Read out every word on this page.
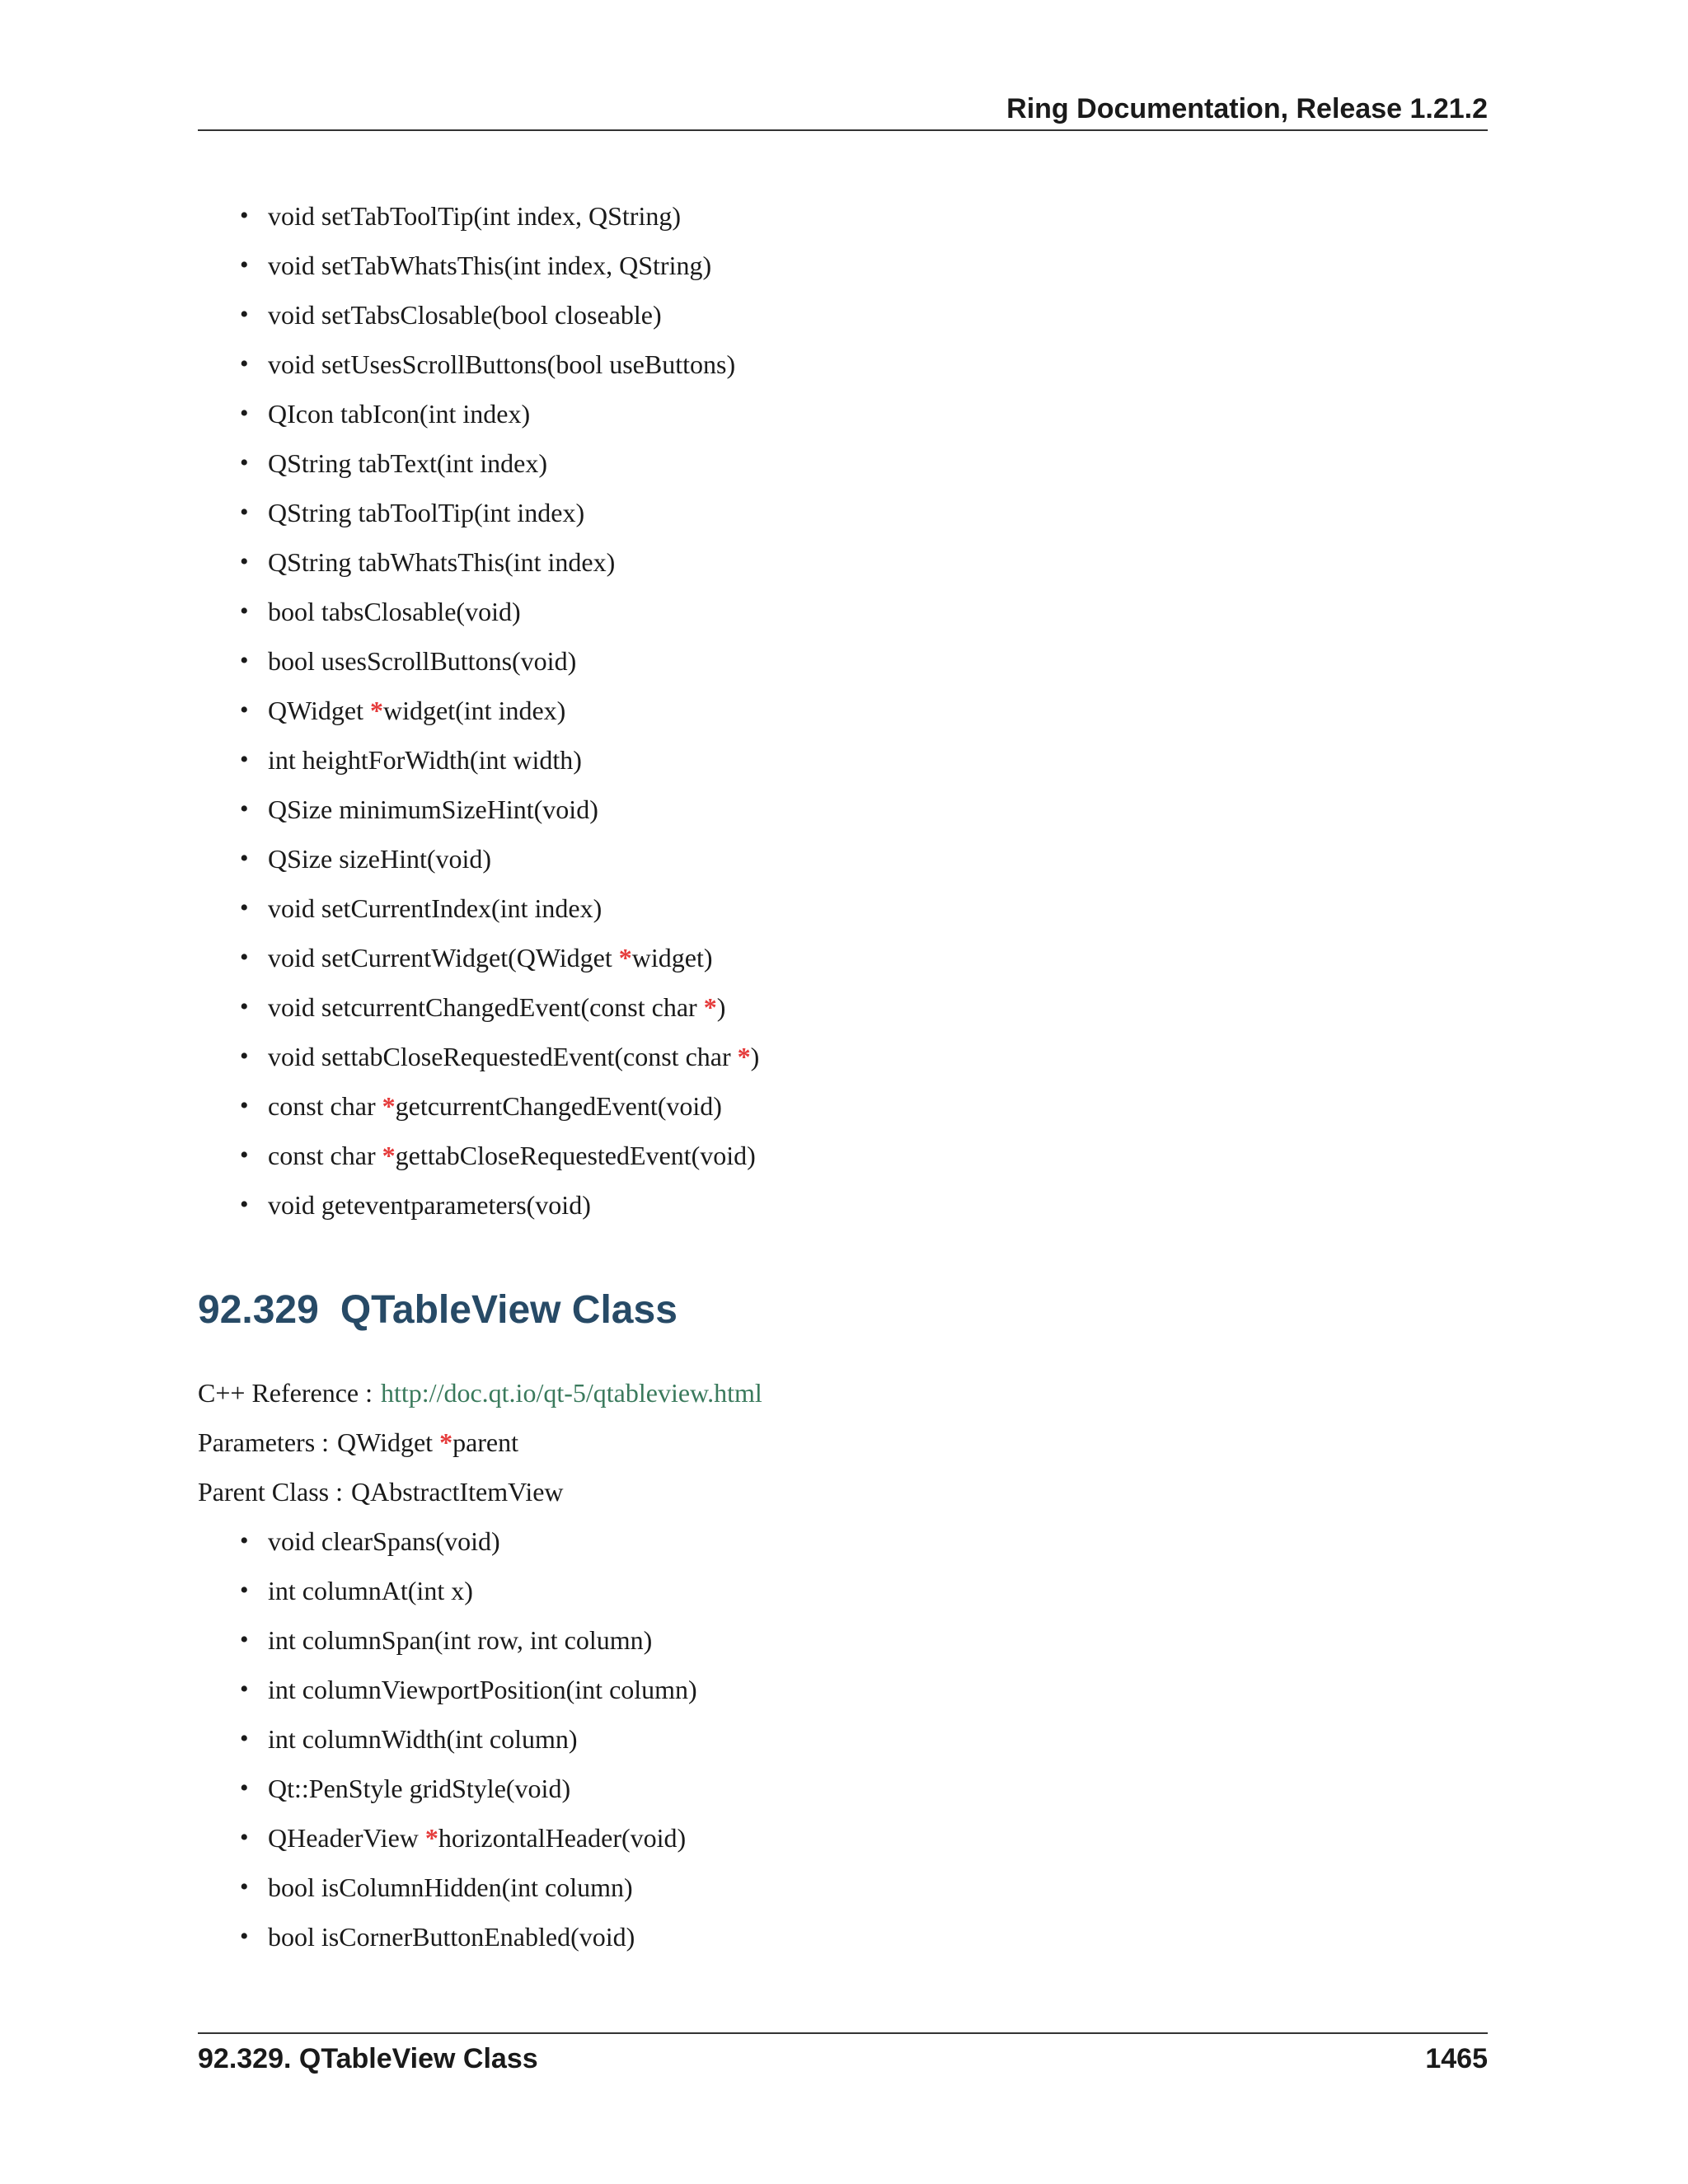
Ring Documentation, Release 1.21.2
• void setTabToolTip(int index, QString)
• void setTabWhatsThis(int index, QString)
• void setTabsClosable(bool closeable)
• void setUsesScrollButtons(bool useButtons)
• QIcon tabIcon(int index)
• QString tabText(int index)
• QString tabToolTip(int index)
• QString tabWhatsThis(int index)
• bool tabsClosable(void)
• bool usesScrollButtons(void)
• QWidget *widget(int index)
• int heightForWidth(int width)
• QSize minimumSizeHint(void)
• QSize sizeHint(void)
• void setCurrentIndex(int index)
• void setCurrentWidget(QWidget *widget)
• void setcurrentChangedEvent(const char *)
• void settabCloseRequestedEvent(const char *)
• const char *getcurrentChangedEvent(void)
• const char *gettabCloseRequestedEvent(void)
• void geteventparameters(void)
92.329 QTableView Class
C++ Reference : http://doc.qt.io/qt-5/qtableview.html
Parameters : QWidget *parent
Parent Class : QAbstractItemView
• void clearSpans(void)
• int columnAt(int x)
• int columnSpan(int row, int column)
• int columnViewportPosition(int column)
• int columnWidth(int column)
• Qt::PenStyle gridStyle(void)
• QHeaderView *horizontalHeader(void)
• bool isColumnHidden(int column)
• bool isCornerButtonEnabled(void)
92.329. QTableView Class	1465
